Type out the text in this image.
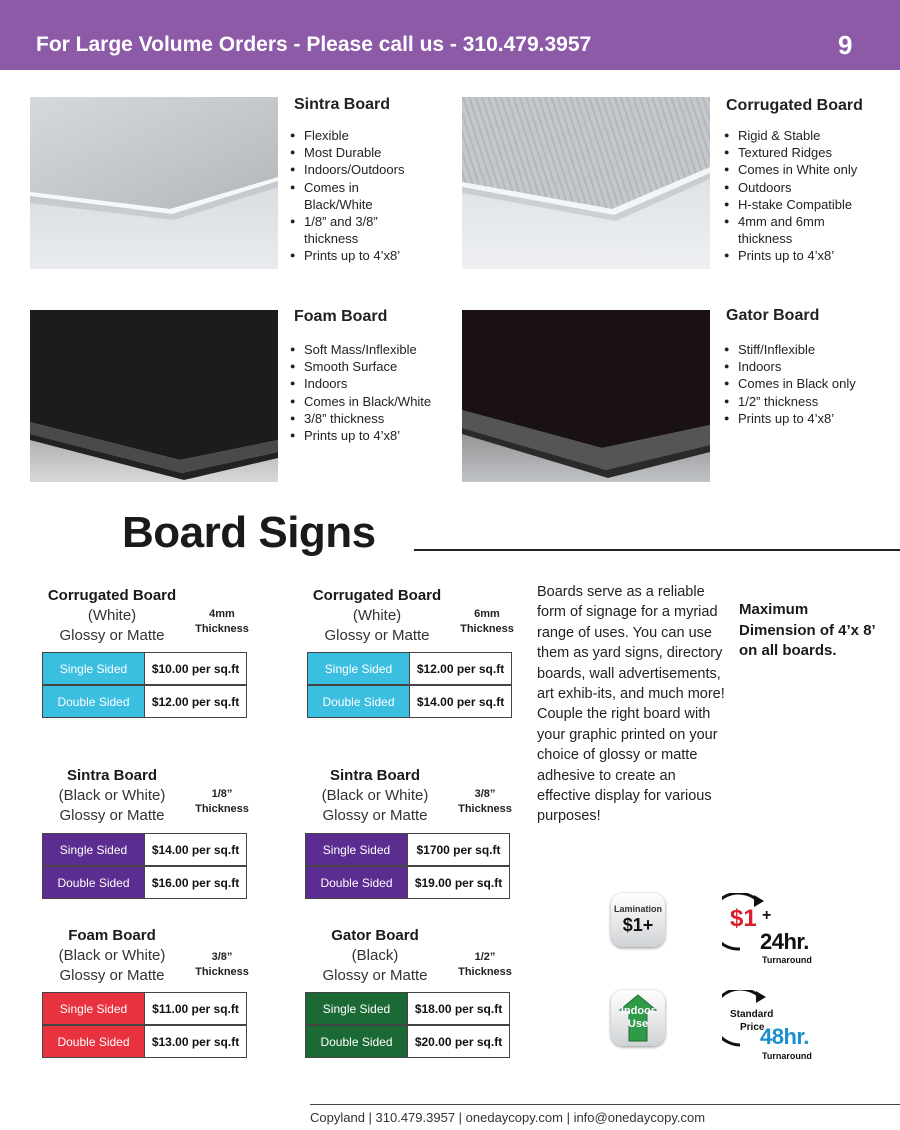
For Large Volume Orders - Please call us - 310.479.3957	9
Sintra Board
● Flexible
● Most Durable
● Indoors/Outdoors
● Comes in
Black/White
● 1/8” and 3/8”
thickness
● Prints up to 4’x8’
Corrugated Board
● Rigid & Stable
● Textured Ridges
● Comes in White only
● Outdoors
● H-stake Compatible
● 4mm and 6mm
thickness
● Prints up to 4’x8’
Foam Board
● Soft Mass/Inflexible
● Smooth Surface
● Indoors
● Comes in Black/White
● 3/8” thickness
● Prints up to 4’x8’
Gator Board
● Stiff/Inflexible
● Indoors
● Comes in Black only
● 1/2” thickness
● Prints up to 4’x8’
Board Signs
Corrugated Board
(White)
Glossy or Matte
4mm
Thickness
Single Sided	$10.00 per sq.ft
Double Sided	$12.00 per sq.ft
Corrugated Board
(White)
Glossy or Matte
6mm
Thickness
Single Sided	$12.00 per sq.ft
Double Sided	$14.00 per sq.ft
Sintra Board
(Black or White)
Glossy or Matte
1/8”
Thickness
Single Sided	$14.00 per sq.ft
Double Sided	$16.00 per sq.ft
Sintra Board
(Black or White)
Glossy or Matte
3/8”
Thickness
Single Sided	$1700 per sq.ft
Double Sided	$19.00 per sq.ft
Foam Board
(Black or White)
Glossy or Matte
3/8”
Thickness
Single Sided	$11.00 per sq.ft
Double Sided	$13.00 per sq.ft
Gator Board
(Black)
Glossy or Matte
1/2”
Thickness
Single Sided	$18.00 per sq.ft
Double Sided	$20.00 per sq.ft
Boards serve as a reliable form of signage for a myriad range of uses. You can use them as yard signs, directory boards, wall advertisements, art exhib-its, and much more! Couple the right board with your graphic printed on your choice of glossy or matte adhesive to create an effective display for various purposes!
Maximum Dimension of 4’x 8’ on all boards.
Lamination
$1+	$1 +
24hr.
Turnaround
Indoor
Use
Standard
Price
48hr.
Turnaround
Copyland | 310.479.3957 | onedaycopy.com | info@onedaycopy.com
